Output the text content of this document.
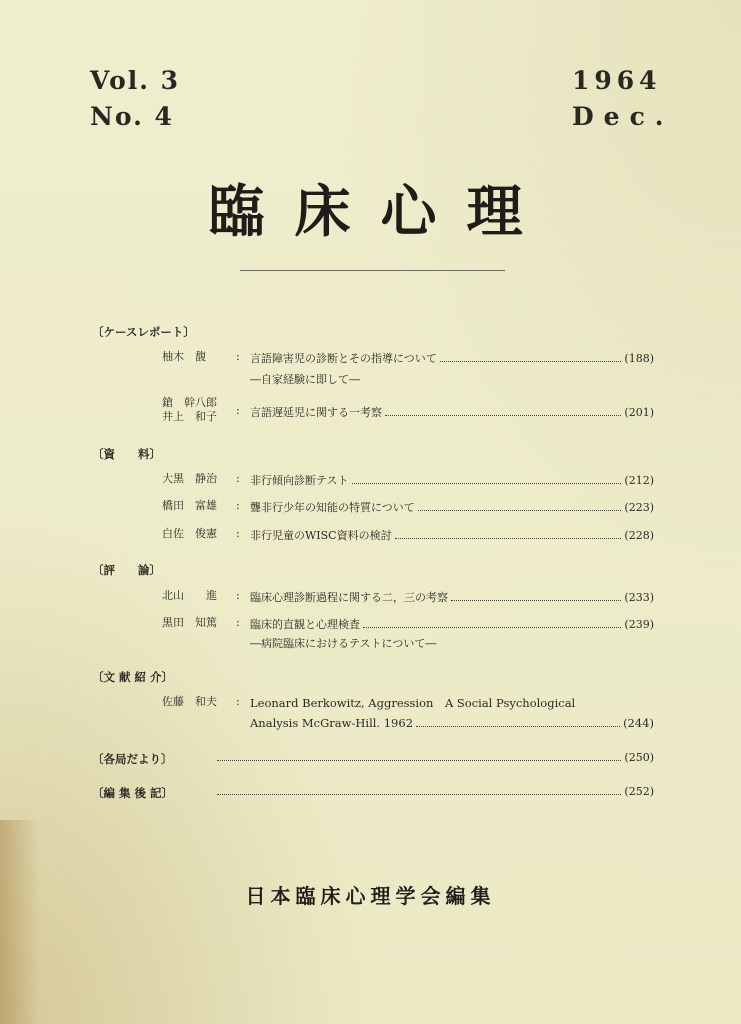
Vol. 3
No. 4
1964
Dec.
臨床心理
〔ケースレポート〕
柚木　馥	: 言語障害児の診断とその指導について	(188)
―自家経験に即して―
鎗　幹八郎
井上　和子	: 言語遅延児に関する一考察	(201)
〔資　　料〕
大黒　静治	: 非行傾向診断テスト	(212)
橋田　富雄	: 聾非行少年の知能の特質について	(223)
白佐　俊憲	: 非行児童のWISC資料の検討	(228)
〔評　　論〕
北山　　進	: 臨床心理診断過程に関する二，三の考察	(233)
黒田　知篤	: 臨床的直観と心理検査	(239)
―病院臨床におけるテストについて―
〔文 献 紹 介〕
佐藤　和夫	: Leonard Berkowitz, Aggression　A Social Psychological
Analysis McGraw-Hill. 1962	(244)
〔各局だより〕	(250)
〔編 集 後 記〕	(252)
日本臨床心理学会編集
